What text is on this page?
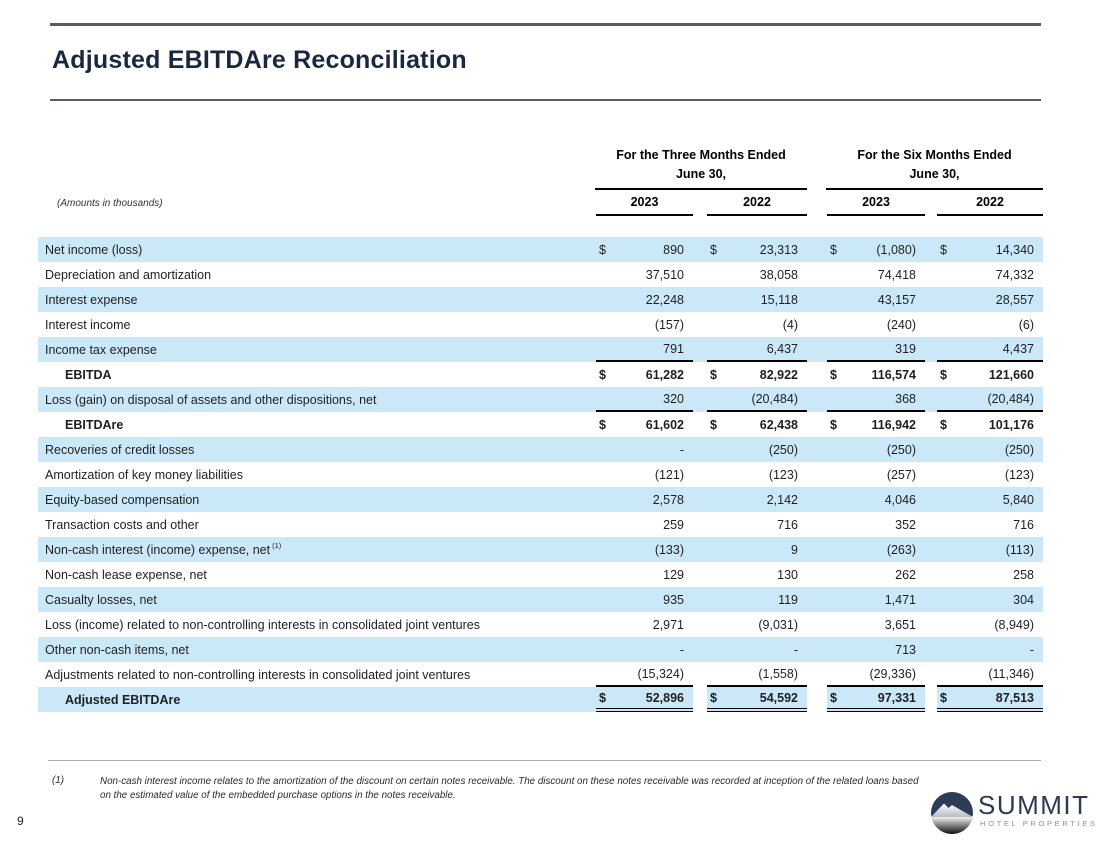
Adjusted EBITDAre Reconciliation
(Amounts in thousands)
For the Three Months Ended
June 30,
For the Six Months Ended
June 30,
2023	2022	2023	2022
Net income (loss)	$	890 $	23,313	$	(1,080) $	14,340
Depreciation and amortization	37,510	38,058	74,418	74,332
Interest expense	22,248	15,118	43,157	28,557
Interest income	(157)	(4)	(240)	(6)
Income tax expense	791	6,437	319	4,437
EBITDA	$	61,282 $	82,922	$	116,574 $	121,660
Loss (gain) on disposal of assets and other dispositions, net	320	(20,484)	368	(20,484)
EBITDAre	$	61,602 $	62,438	$	116,942 $	101,176
Recoveries of credit losses	-	(250)	(250)	(250)
Amortization of key money liabilities	(121)	(123)	(257)	(123)
Equity-based compensation	2,578	2,142	4,046	5,840
Transaction costs and other	259	716	352	716
Non-cash interest (income) expense, net $^{(1)}$	(133)	9	(263)	(113)
Non-cash lease expense, net	129	130	262	258
Casualty losses, net	935	119	1,471	304
Loss (income) related to non-controlling interests in consolidated joint ventures	2,971	(9,031)	3,651	(8,949)
Other non-cash items, net	-	-	713	-
Adjustments related to non-controlling interests in consolidated joint ventures	(15,324)	(1,558)	(29,336)	(11,346)
Adjusted EBITDAre	$	52,896 $	54,592	$	97,331 $	87,513
(1)	Non-cash interest income relates to the amortization of the discount on certain notes receivable. The discount on these notes receivable was recorded at inception of the related loans based on the estimated value of the embedded purchase options in the notes receivable.
9
SUMMIT
HOTEL PROPERTIES
